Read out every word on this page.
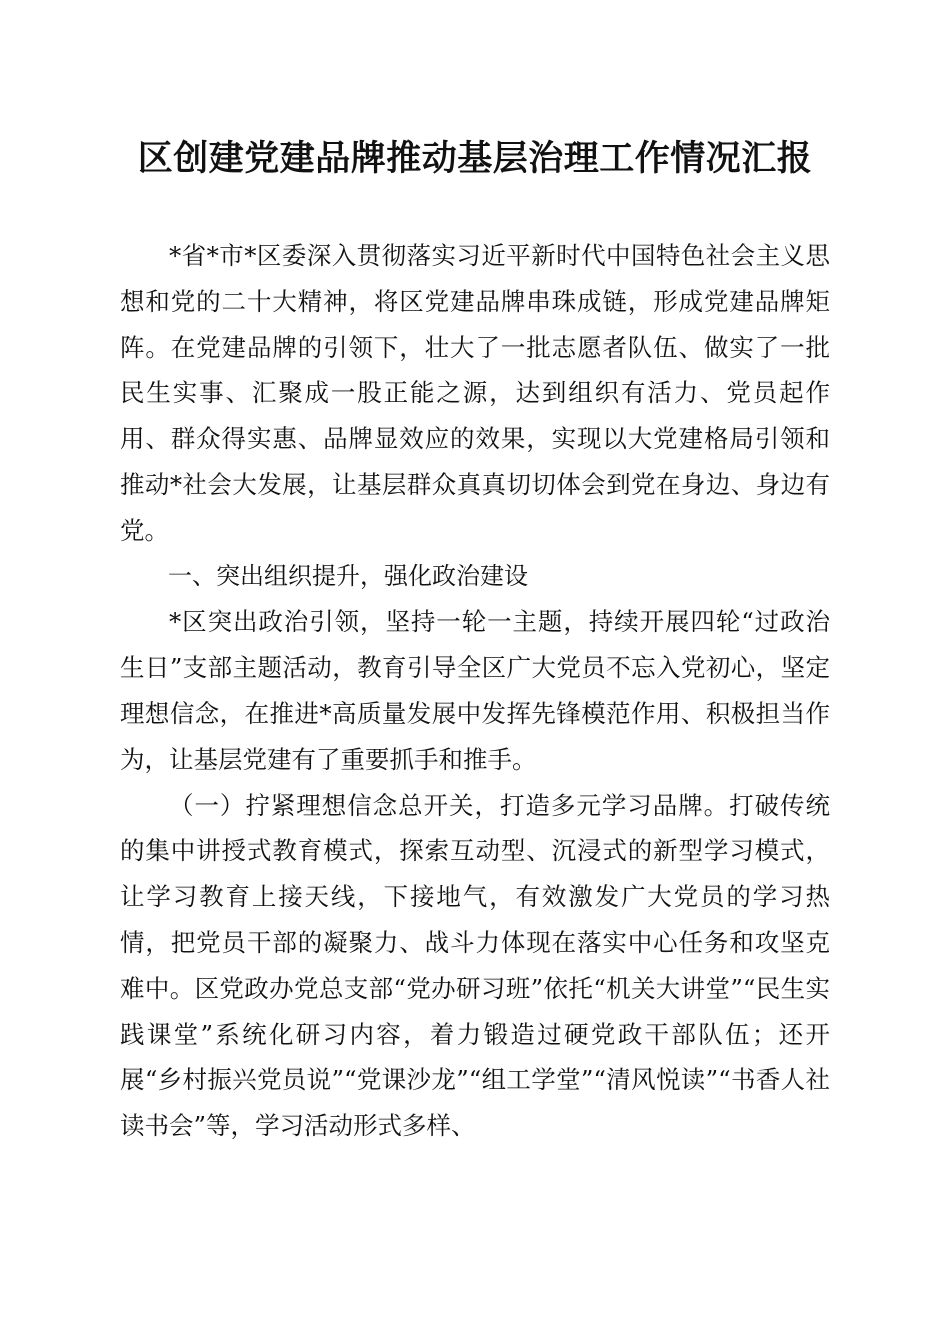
区创建党建品牌推动基层治理工作情况汇报

*省*市*区委深入贯彻落实习近平新时代中国特色社会主义思想和党的二十大精神，将区党建品牌串珠成链，形成党建品牌矩阵。在党建品牌的引领下，壮大了一批志愿者队伍、做实了一批民生实事、汇聚成一股正能之源，达到组织有活力、党员起作用、群众得实惠、品牌显效应的效果，实现以大党建格局引领和推动*社会大发展，让基层群众真真切切体会到党在身边、身边有党。

一、突出组织提升，强化政治建设

*区突出政治引领，坚持一轮一主题，持续开展四轮“过政治生日”支部主题活动，教育引导全区广大党员不忘入党初心，坚定理想信念，在推进*高质量发展中发挥先锋模范作用、积极担当作为，让基层党建有了重要抓手和推手。

（一）拧紧理想信念总开关，打造多元学习品牌。打破传统的集中讲授式教育模式，探索互动型、沉浸式的新型学习模式，让学习教育上接天线，下接地气，有效激发广大党员的学习热情，把党员干部的凝聚力、战斗力体现在落实中心任务和攻坚克难中。区党政办党总支部“党办研习班”依托“机关大讲堂”“民生实践课堂”系统化研习内容，着力锻造过硬党政干部队伍；还开展“乡村振兴党员说”“党课沙龙”“组工学堂”“清风悦读”“书香人社读书会”等，学习活动形式多样、
